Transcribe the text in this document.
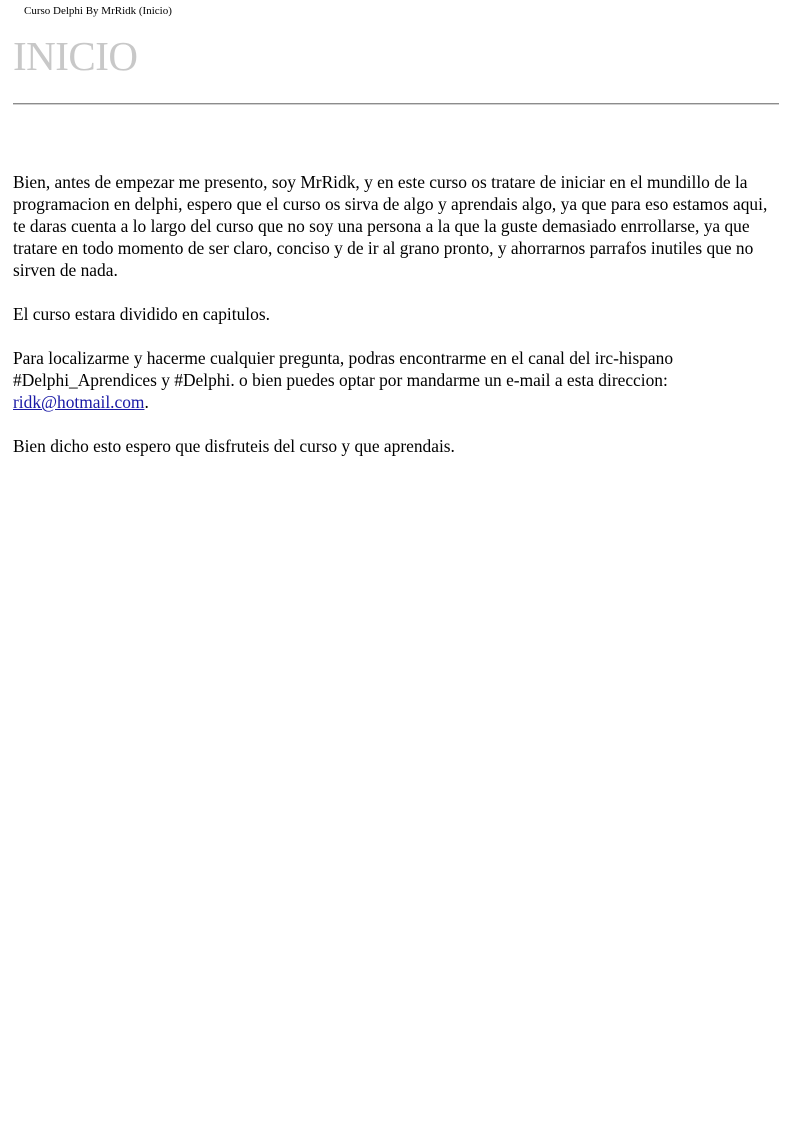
Curso Delphi By MrRidk (Inicio)
INICIO

Bien, antes de empezar me presento, soy MrRidk, y en este curso os tratare de iniciar en el mundillo de la programacion en delphi, espero que el curso os sirva de algo y aprendais algo, ya que para eso estamos aqui, te daras cuenta a lo largo del curso que no soy una persona a la que la guste demasiado enrrollarse, ya que tratare en todo momento de ser claro, conciso y de ir al grano pronto, y ahorrarnos parrafos inutiles que no sirven de nada.

El curso estara dividido en capitulos.

Para localizarme y hacerme cualquier pregunta, podras encontrarme en el canal del irc-hispano #Delphi_Aprendices y #Delphi. o bien puedes optar por mandarme un e-mail a esta direccion: ridk@hotmail.com.

Bien dicho esto espero que disfruteis del curso y que aprendais.
